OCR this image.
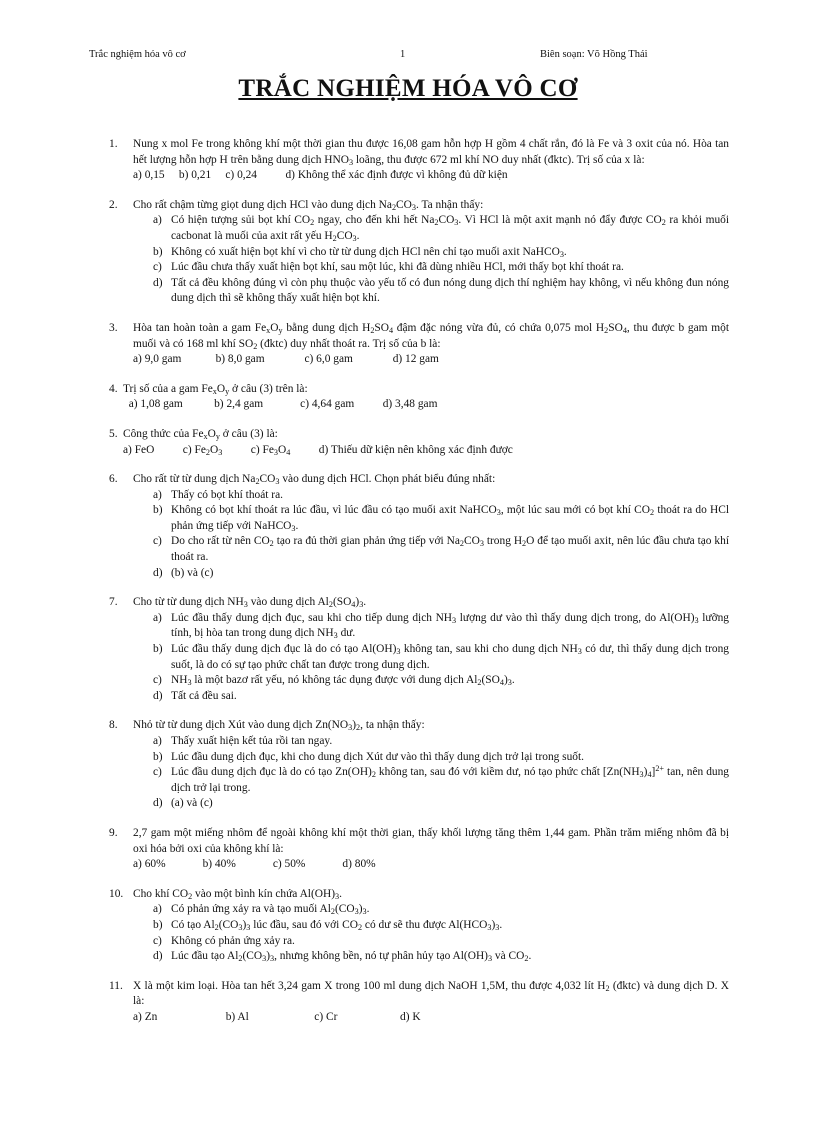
Trắc nghiệm hóa vô cơ	1	Biên soạn: Võ Hồng Thái
TRẮC NGHIỆM HÓA VÔ CƠ
1. Nung x mol Fe trong không khí một thời gian thu được 16,08 gam hỗn hợp H gồm 4 chất rắn, đó là Fe và 3 oxit của nó. Hòa tan hết lượng hỗn hợp H trên bằng dung dịch $HNO_3$ loãng, thu được 672 ml khí NO duy nhất (đktc). Trị số của x là:
a) 0,15     b) 0,21     c) 0,24          d) Không thể xác định được vì không đủ dữ kiện
2. Cho rất chậm từng giọt dung dịch HCl vào dung dịch $Na_2CO_3$. Ta nhận thấy:
a) Có hiện tượng sủi bọt khí $CO_2$ ngay, cho đến khi hết $Na_2CO_3$. Vì HCl là một axit mạnh nó đẩy được $CO_2$ ra khỏi muối cacbonat là muối của axit rất yếu $H_2CO_3$.
b) Không có xuất hiện bọt khí vì cho từ từ dung dịch HCl nên chỉ tạo muối axit NaHCO$_3$.
c) Lúc đầu chưa thấy xuất hiện bọt khí, sau một lúc, khi đã dùng nhiều HCl, mới thấy bọt khí thoát ra.
d) Tất cả đều không đúng vì còn phụ thuộc vào yếu tố có đun nóng dung dịch thí nghiệm hay không, vì nếu không đun nóng dung dịch thì sẽ không thấy xuất hiện bọt khí.
3. Hòa tan hoàn toàn a gam $Fe_xO_y$ bằng dung dịch $H_2SO_4$ đậm đặc nóng vừa đủ, có chứa 0,075 mol $H_2SO_4$, thu được b gam một muối và có 168 ml khí $SO_2$ (đktc) duy nhất thoát ra. Trị số của b là:
a) 9,0 gam            b) 8,0 gam              c) 6,0 gam              d) 12 gam
4. Trị số của a gam $Fe_xO_y$ ở câu (3) trên là:
a) 1,08 gam           b) 2,4 gam             c) 4,64 gam          d) 3,48 gam
5. Công thức của $Fe_xO_y$ ở câu (3) là:
a) FeO          c) $Fe_2O_3$          c) $Fe_3O_4$          d) Thiếu dữ kiện nên không xác định được
6. Cho rất từ từ dung dịch $Na_2CO_3$ vào dung dịch HCl. Chọn phát biểu đúng nhất:
a) Thấy có bọt khí thoát ra.
b) Không có bọt khí thoát ra lúc đầu, vì lúc đầu có tạo muối axit NaHCO$_3$, một lúc sau mới có bọt khí $CO_2$ thoát ra do HCl phản ứng tiếp với NaHCO$_3$.
c) Do cho rất từ nên $CO_2$ tạo ra đủ thời gian phản ứng tiếp với $Na_2CO_3$ trong $H_2O$ để tạo muối axit, nên lúc đầu chưa tạo khí thoát ra.
d) (b) và (c)
7. Cho từ từ dung dịch $NH_3$ vào dung dịch $Al_2(SO_4)_3$.
a) Lúc đầu thấy dung dịch đục, sau khi cho tiếp dung dịch $NH_3$ lượng dư vào thì thấy dung dịch trong, do $Al(OH)_3$ lưỡng tính, bị hòa tan trong dung dịch $NH_3$ dư.
b) Lúc đầu thấy dung dịch đục là do có tạo $Al(OH)_3$ không tan, sau khi cho dung dịch $NH_3$ có dư, thì thấy dung dịch trong suốt, là do có sự tạo phức chất tan được trong dung dịch.
c) $NH_3$ là một bazơ rất yếu, nó không tác dụng được với dung dịch $Al_2(SO_4)_3$.
d) Tất cả đều sai.
8. Nhỏ từ từ dung dịch Xút vào dung dịch $Zn(NO_3)_2$, ta nhận thấy:
a) Thấy xuất hiện kết tủa rồi tan ngay.
b) Lúc đầu dung dịch đục, khi cho dung dịch Xút dư vào thì thấy dung dịch trở lại trong suốt.
c) Lúc đầu dung dịch đục là do có tạo $Zn(OH)_2$ không tan, sau đó với kiềm dư, nó tạo phức chất $[Zn(NH_3)_4]^{2+}$ tan, nên dung dịch trở lại trong.
d) (a) và (c)
9. 2,7 gam một miếng nhôm để ngoài không khí một thời gian, thấy khối lượng tăng thêm 1,44 gam. Phần trăm miếng nhôm đã bị oxi hóa bởi oxi của không khí là:
a) 60%             b) 40%             c) 50%             d) 80%
10. Cho khí $CO_2$ vào một bình kín chứa $Al(OH)_3$.
a) Có phản ứng xảy ra và tạo muối $Al_2(CO_3)_3$.
b) Có tạo $Al_2(CO_3)_3$ lúc đầu, sau đó với $CO_2$ có dư sẽ thu được $Al(HCO_3)_3$.
c) Không có phản ứng xảy ra.
d) Lúc đầu tạo $Al_2(CO_3)_3$, nhưng không bền, nó tự phân hủy tạo $Al(OH)_3$ và $CO_2$.
11. X là một kim loại. Hòa tan hết 3,24 gam X trong 100 ml dung dịch NaOH 1,5M, thu được 4,032 lít $H_2$ (đktc) và dung dịch D. X là:
a) Zn                        b) Al                       c) Cr                      d) K
